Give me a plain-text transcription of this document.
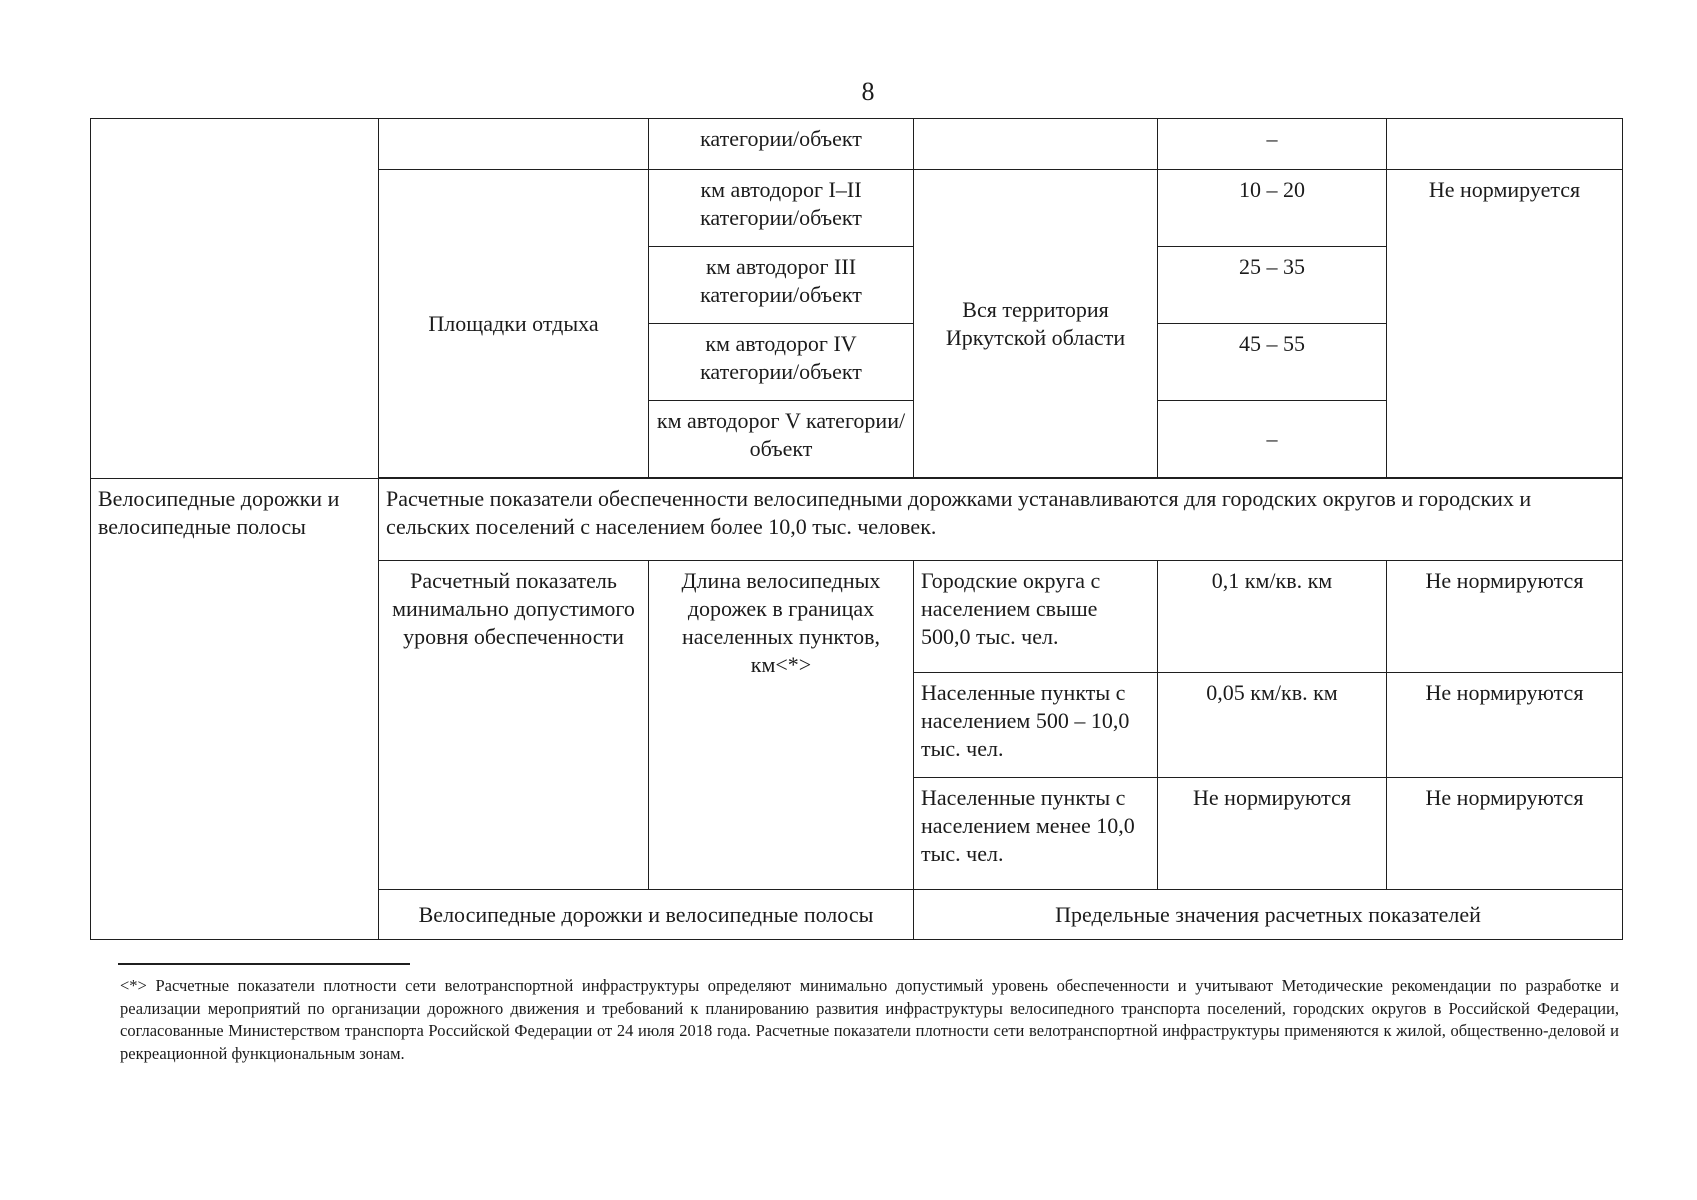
8
		категории/объект		–	
	Площадки отдыха	км автодорог I–II категории/объект	Вся территория Иркутской области	10 – 20	Не нормируется
		км автодорог III категории/объект		25 – 35	
		км автодорог IV категории/объект		45 – 55	
		км автодорог V категории/объект		–	

Велосипедные дорожки и велосипедные полосы	Расчетные показатели обеспеченности велосипедными дорожками устанавливаются для городских округов и городских и сельских поселений с населением более 10,0 тыс. человек.				
	Расчетный показатель минимально допустимого уровня обеспеченности	Длина велосипедных дорожек в границах населенных пунктов, км<*>	Городские округа с населением свыше 500,0 тыс. чел.	0,1 км/кв. км	Не нормируются
			Населенные пункты с населением 500 – 10,0 тыс. чел.	0,05 км/кв. км	Не нормируются
			Населенные пункты с населением менее 10,0 тыс. чел.	Не нормируются	Не нормируются
	Велосипедные дорожки и велосипедные полосы		Предельные значения расчетных показателей		

<*> Расчетные показатели плотности сети велотранспортной инфраструктуры определяют минимально допустимый уровень обеспеченности и учитывают Методические рекомендации по разработке и реализации мероприятий по организации дорожного движения и требований к планированию развития инфраструктуры велосипедного транспорта поселений, городских округов в Российской Федерации, согласованные Министерством транспорта Российской Федерации от 24 июля 2018 года. Расчетные показатели плотности сети велотранспортной инфраструктуры применяются к жилой, общественно-деловой и рекреационной функциональным зонам.
